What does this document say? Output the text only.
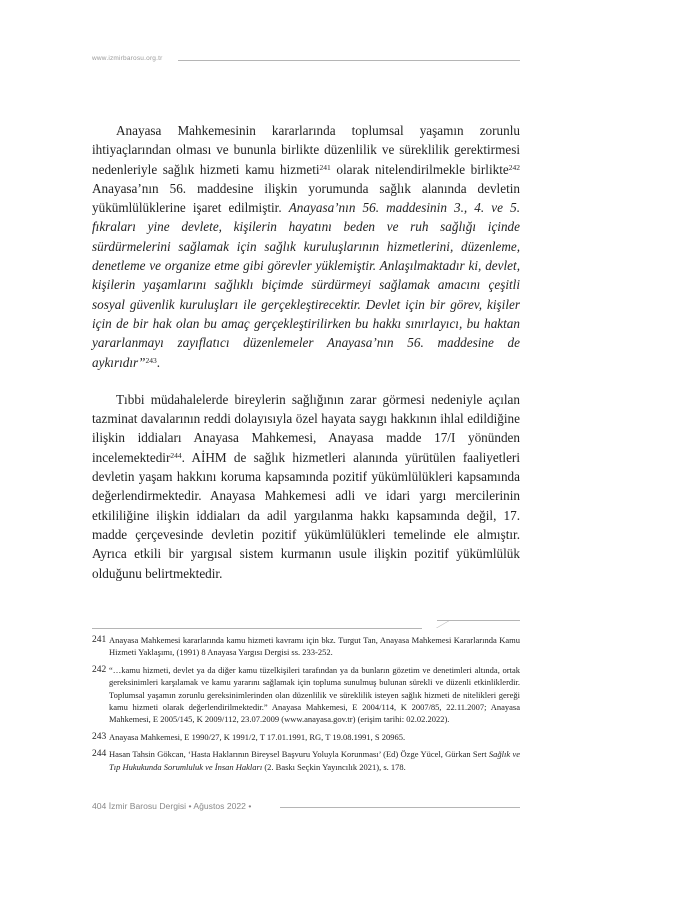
www.izmirbarosu.org.tr

Anayasa Mahkemesinin kararlarında toplumsal yaşamın zorunlu ihtiyaçlarından olması ve bununla birlikte düzenlilik ve süreklilik gerektirmesi nedenleriyle sağlık hizmeti kamu hizmeti$^{241}$ olarak nitelendirilmekle birlikte$^{242}$ Anayasa’nın 56. maddesine ilişkin yorumunda sağlık alanında devletin yükümlülüklerine işaret edilmiştir. Anayasa’nın 56. maddesinin 3., 4. ve 5. fıkraları yine devlete, kişilerin hayatını beden ve ruh sağlığı içinde sürdürmelerini sağlamak için sağlık kuruluşlarının hizmetlerini, düzenleme, denetleme ve organize etme gibi görevler yüklemiştir. Anlaşılmaktadır ki, devlet, kişilerin yaşamlarını sağlıklı biçimde sürdürmeyi sağlamak amacını çeşitli sosyal güvenlik kuruluşları ile gerçekleştirecektir. Devlet için bir görev, kişiler için de bir hak olan bu amaç gerçekleştirilirken bu hakkı sınırlayıcı, bu haktan yararlanmayı zayıflatıcı düzenlemeler Anayasa’nın 56. maddesine de aykırıdır”$^{243}$.

Tıbbi müdahalelerde bireylerin sağlığının zarar görmesi nedeniyle açılan tazminat davalarının reddi dolayısıyla özel hayata saygı hakkının ihlal edildiğine ilişkin iddiaları Anayasa Mahkemesi, Anayasa madde 17/I yönünden incelemektedir$^{244}$. AİHM de sağlık hizmetleri alanında yürütülen faaliyetleri devletin yaşam hakkını koruma kapsamında pozitif yükümlülükleri kapsamında değerlendirmektedir. Anayasa Mahkemesi adli ve idari yargı mercilerinin etkililiğine ilişkin iddiaları da adil yargılanma hakkı kapsamında değil, 17. madde çerçevesinde devletin pozitif yükümlülükleri temelinde ele almıştır. Ayrıca etkili bir yargısal sistem kurmanın usule ilişkin pozitif yükümlülük olduğunu belirtmektedir.

241 Anayasa Mahkemesi kararlarında kamu hizmeti kavramı için bkz. Turgut Tan, Anayasa Mahkemesi Kararlarında Kamu Hizmeti Yaklaşımı, (1991) 8 Anayasa Yargısı Dergisi ss. 233-252.

242 “…kamu hizmeti, devlet ya da diğer kamu tüzelkişileri tarafından ya da bunların gözetim ve denetimleri altında, ortak gereksinimleri karşılamak ve kamu yararını sağlamak için topluma sunulmuş bulunan sürekli ve düzenli etkinliklerdir. Toplumsal yaşamın zorunlu gereksinimlerinden olan düzenlilik ve süreklilik isteyen sağlık hizmeti de nitelikleri gereği kamu hizmeti olarak değerlendirilmektedir.” Anayasa Mahkemesi, E 2004/114, K 2007/85, 22.11.2007; Anayasa Mahkemesi, E 2005/145, K 2009/112, 23.07.2009 (www.anayasa.gov.tr) (erişim tarihi: 02.02.2022).

243 Anayasa Mahkemesi, E 1990/27, K 1991/2, T 17.01.1991, RG, T 19.08.1991, S 20965.

244 Hasan Tahsin Gökcan, ‘Hasta Haklarının Bireysel Başvuru Yoluyla Korunması’ (Ed) Özge Yücel, Gürkan Sert Sağlık ve Tıp Hukukunda Sorumluluk ve İnsan Hakları (2. Baskı Seçkin Yayıncılık 2021), s. 178.

404 İzmir Barosu Dergisi • Ağustos 2022 •
